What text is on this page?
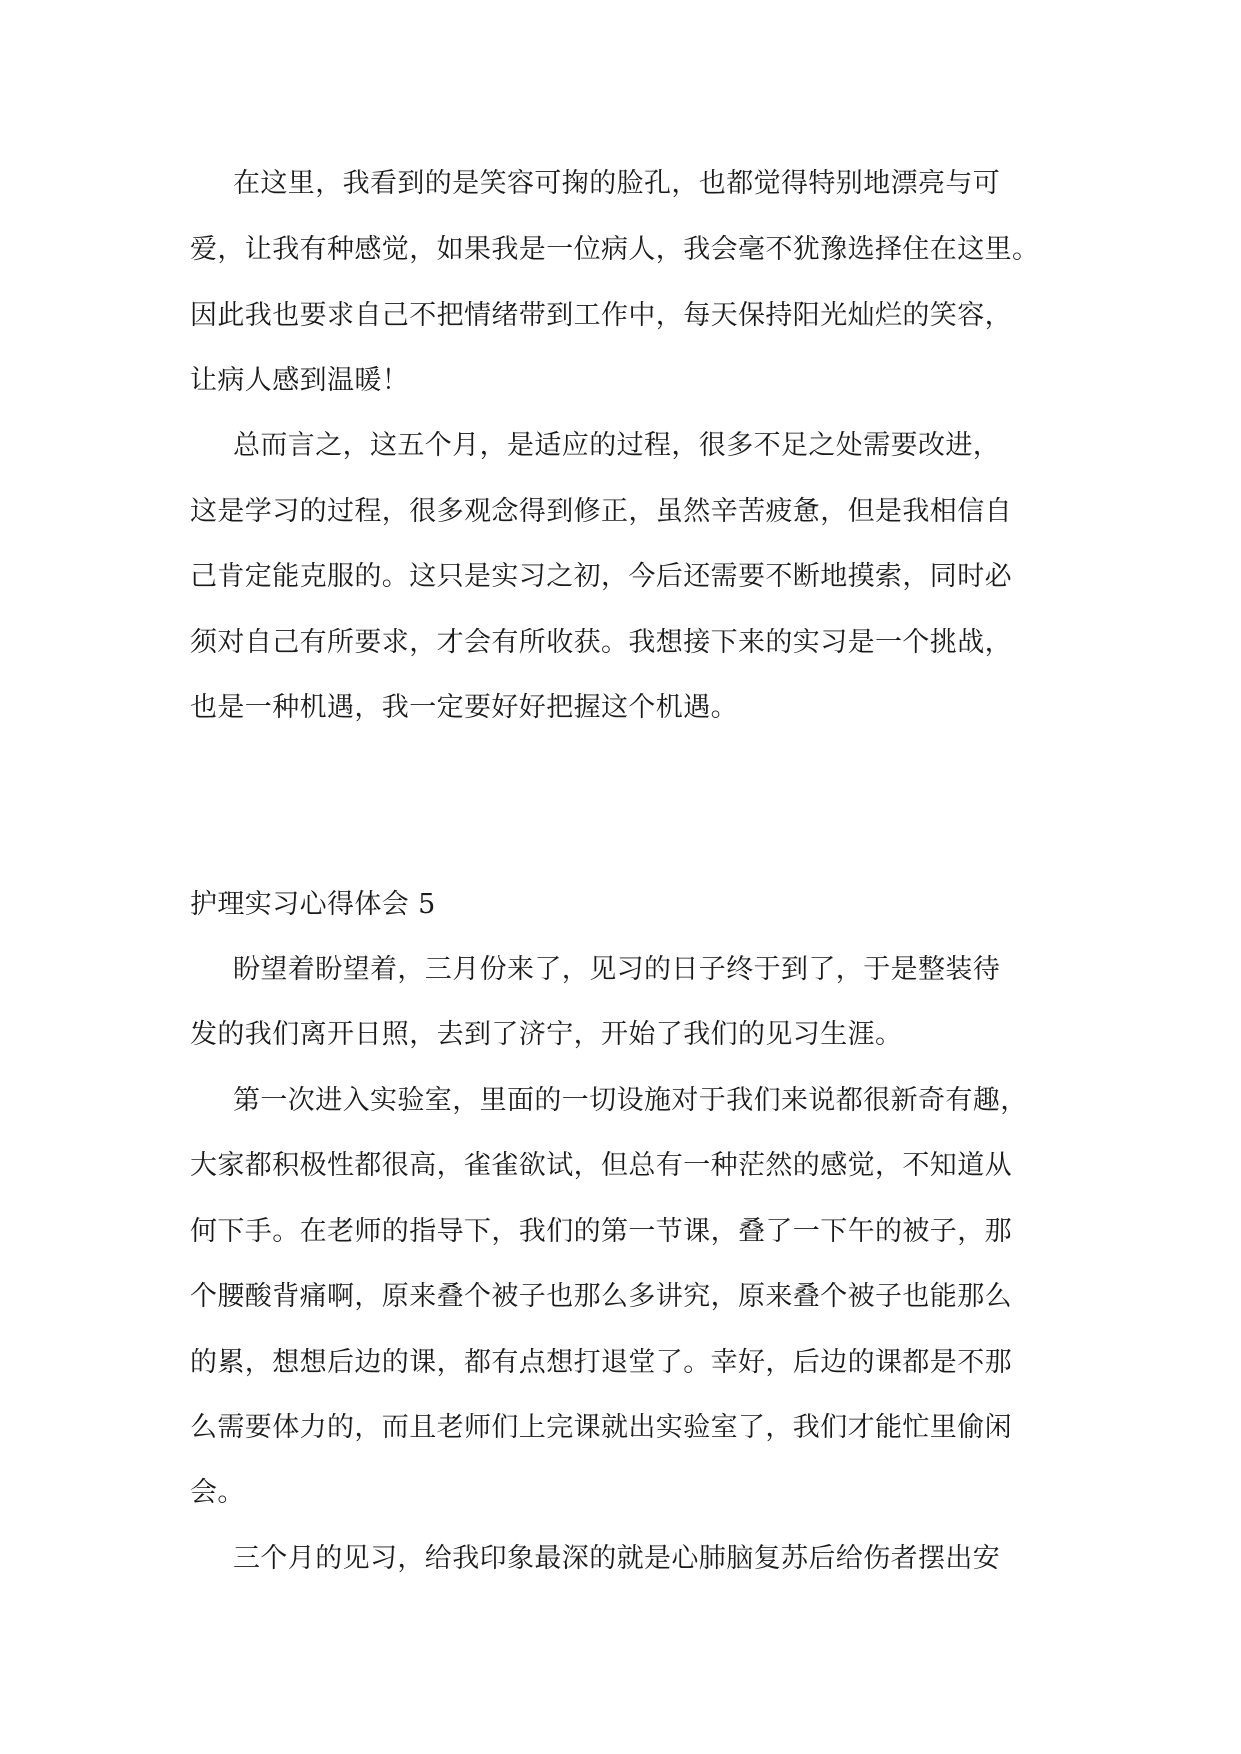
在这里，我看到的是笑容可掬的脸孔，也都觉得特别地漂亮与可
爱，让我有种感觉，如果我是一位病人，我会毫不犹豫选择住在这里。
因此我也要求自己不把情绪带到工作中，每天保持阳光灿烂的笑容，
让病人感到温暖！
总而言之，这五个月，是适应的过程，很多不足之处需要改进，
这是学习的过程，很多观念得到修正，虽然辛苦疲惫，但是我相信自
己肯定能克服的。这只是实习之初，今后还需要不断地摸索，同时必
须对自己有所要求，才会有所收获。我想接下来的实习是一个挑战，
也是一种机遇，我一定要好好把握这个机遇。
护理实习心得体会 5
盼望着盼望着，三月份来了，见习的日子终于到了，于是整装待
发的我们离开日照，去到了济宁，开始了我们的见习生涯。
第一次进入实验室，里面的一切设施对于我们来说都很新奇有趣，
大家都积极性都很高，雀雀欲试，但总有一种茫然的感觉，不知道从
何下手。在老师的指导下，我们的第一节课，叠了一下午的被子，那
个腰酸背痛啊，原来叠个被子也那么多讲究，原来叠个被子也能那么
的累，想想后边的课，都有点想打退堂了。幸好，后边的课都是不那
么需要体力的，而且老师们上完课就出实验室了，我们才能忙里偷闲
会。
三个月的见习，给我印象最深的就是心肺脑复苏后给伤者摆出安
